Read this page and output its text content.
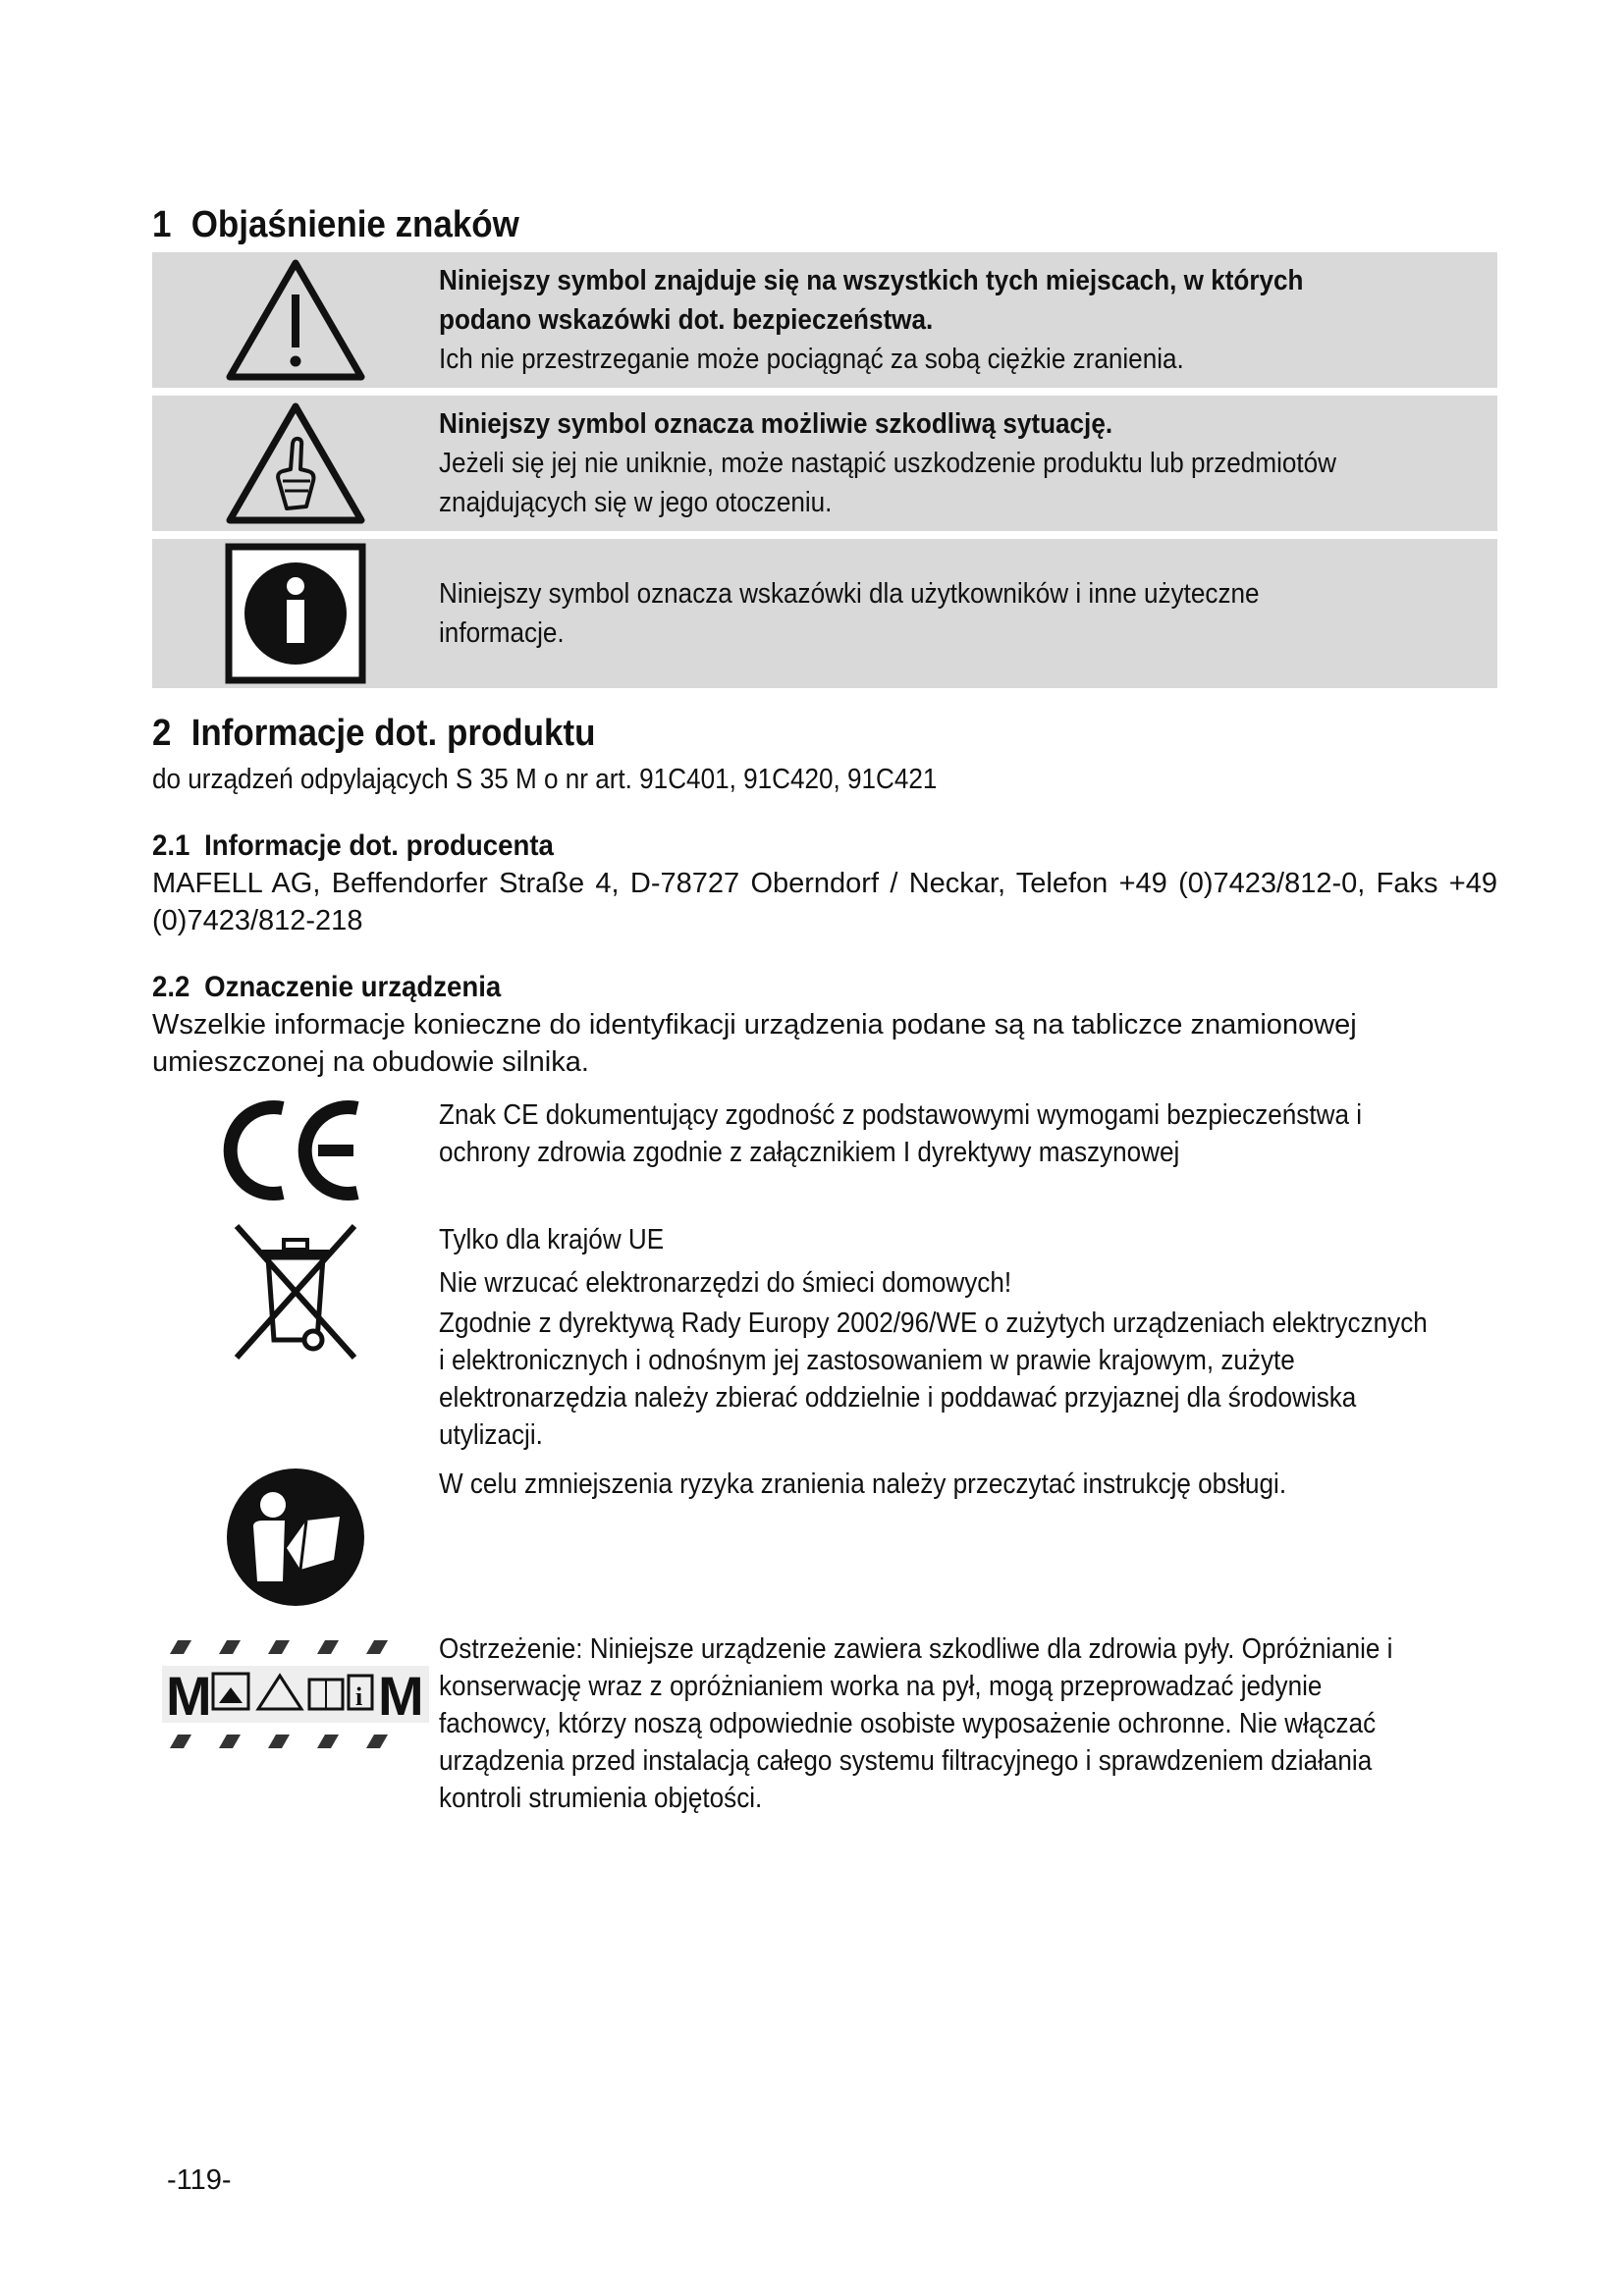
1 Objaśnienie znaków

Niniejszy symbol znajduje się na wszystkich tych miejscach, w których podano wskazówki dot. bezpieczeństwa.

Ich nie przestrzeganie może pociągnąć za sobą ciężkie zranienia.

Niniejszy symbol oznacza możliwie szkodliwą sytuację.

Jeżeli się jej nie uniknie, może nastąpić uszkodzenie produktu lub przedmiotów znajdujących się w jego otoczeniu.

Niniejszy symbol oznacza wskazówki dla użytkowników i inne użyteczne informacje.

2 Informacje dot. produktu

do urządzeń odpylających S 35 M o nr art. 91C401, 91C420, 91C421

2.1 Informacje dot. producenta

MAFELL AG, Beffendorfer Straße 4, D-78727 Oberndorf / Neckar, Telefon +49 (0)7423/812-0, Faks +49 (0)7423/812-218

2.2 Oznaczenie urządzenia

Wszelkie informacje konieczne do identyfikacji urządzenia podane są na tabliczce znamionowej umieszczonej na obudowie silnika.

Znak CE dokumentujący zgodność z podstawowymi wymogami bezpieczeństwa i ochrony zdrowia zgodnie z załącznikiem I dyrektywy maszynowej

Tylko dla krajów UE

Nie wrzucać elektronarzędzi do śmieci domowych!

Zgodnie z dyrektywą Rady Europy 2002/96/WE o zużytych urządzeniach elektrycznych i elektronicznych i odnośnym jej zastosowaniem w prawie krajowym, zużyte elektronarzędzia należy zbierać oddzielnie i poddawać przyjaznej dla środowiska utylizacji.

W celu zmniejszenia ryzyka zranienia należy przeczytać instrukcję obsługi.

M	i M

Ostrzeżenie: Niniejsze urządzenie zawiera szkodliwe dla zdrowia pyły. Opróżnianie i konserwację wraz z opróżnianiem worka na pył, mogą przeprowadzać jedynie fachowcy, którzy noszą odpowiednie osobiste wyposażenie ochronne. Nie włączać urządzenia przed instalacją całego systemu filtracyjnego i sprawdzeniem działania kontroli strumienia objętości.

-119-
